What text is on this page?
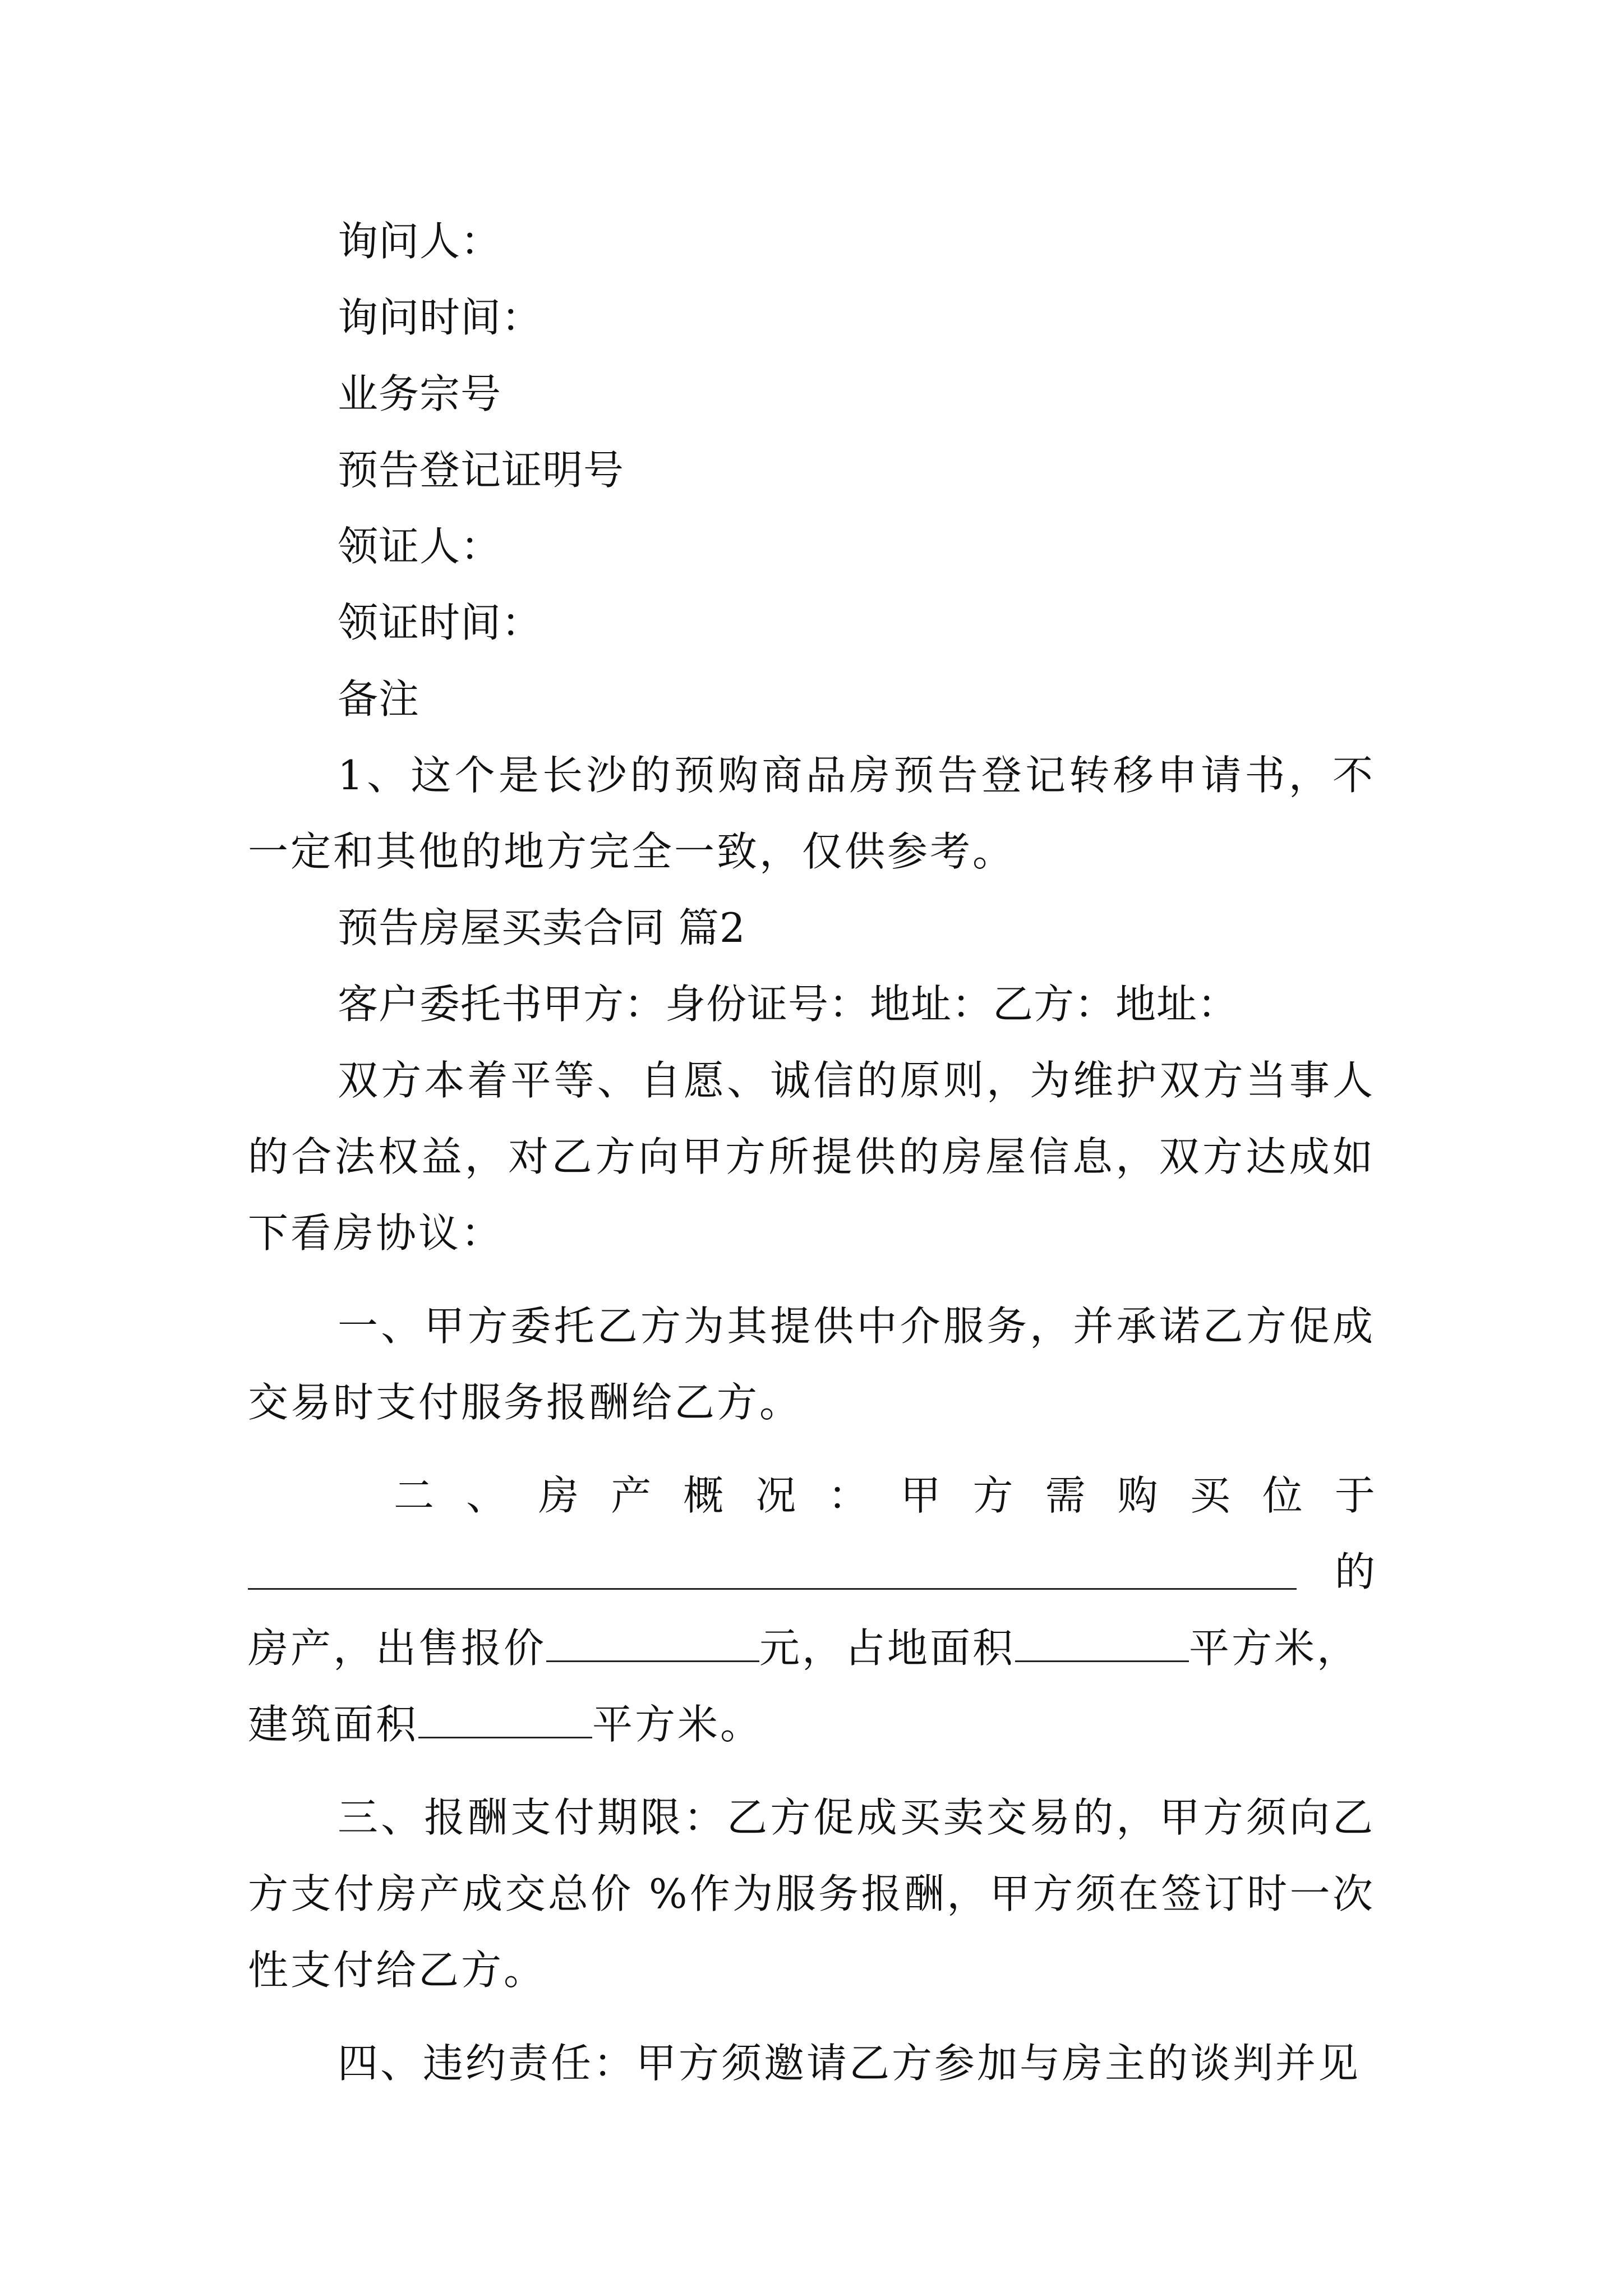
询问人：
询问时间：
业务宗号
预告登记证明号
领证人：
领证时间：
备注

1、这个是长沙的预购商品房预告登记转移申请书，不一定和其他的地方完全一致，仅供参考。

预告房屋买卖合同 篇2
客户委托书甲方：身份证号：地址：乙方：地址：

双方本着平等、自愿、诚信的原则，为维护双方当事人的合法权益，对乙方向甲方所提供的房屋信息，双方达成如下看房协议：

一、甲方委托乙方为其提供中介服务，并承诺乙方促成交易时支付服务报酬给乙方。

二 、 房 产 概 况 ： 甲 方 需 购 买 位 于
的
房产，出售报价	元，占地面积	平方米，
建筑面积	平方米。

三、报酬支付期限：乙方促成买卖交易的，甲方须向乙方支付房产成交总价 %作为服务报酬，甲方须在签订时一次性支付给乙方。

四、违约责任：甲方须邀请乙方参加与房主的谈判并见
